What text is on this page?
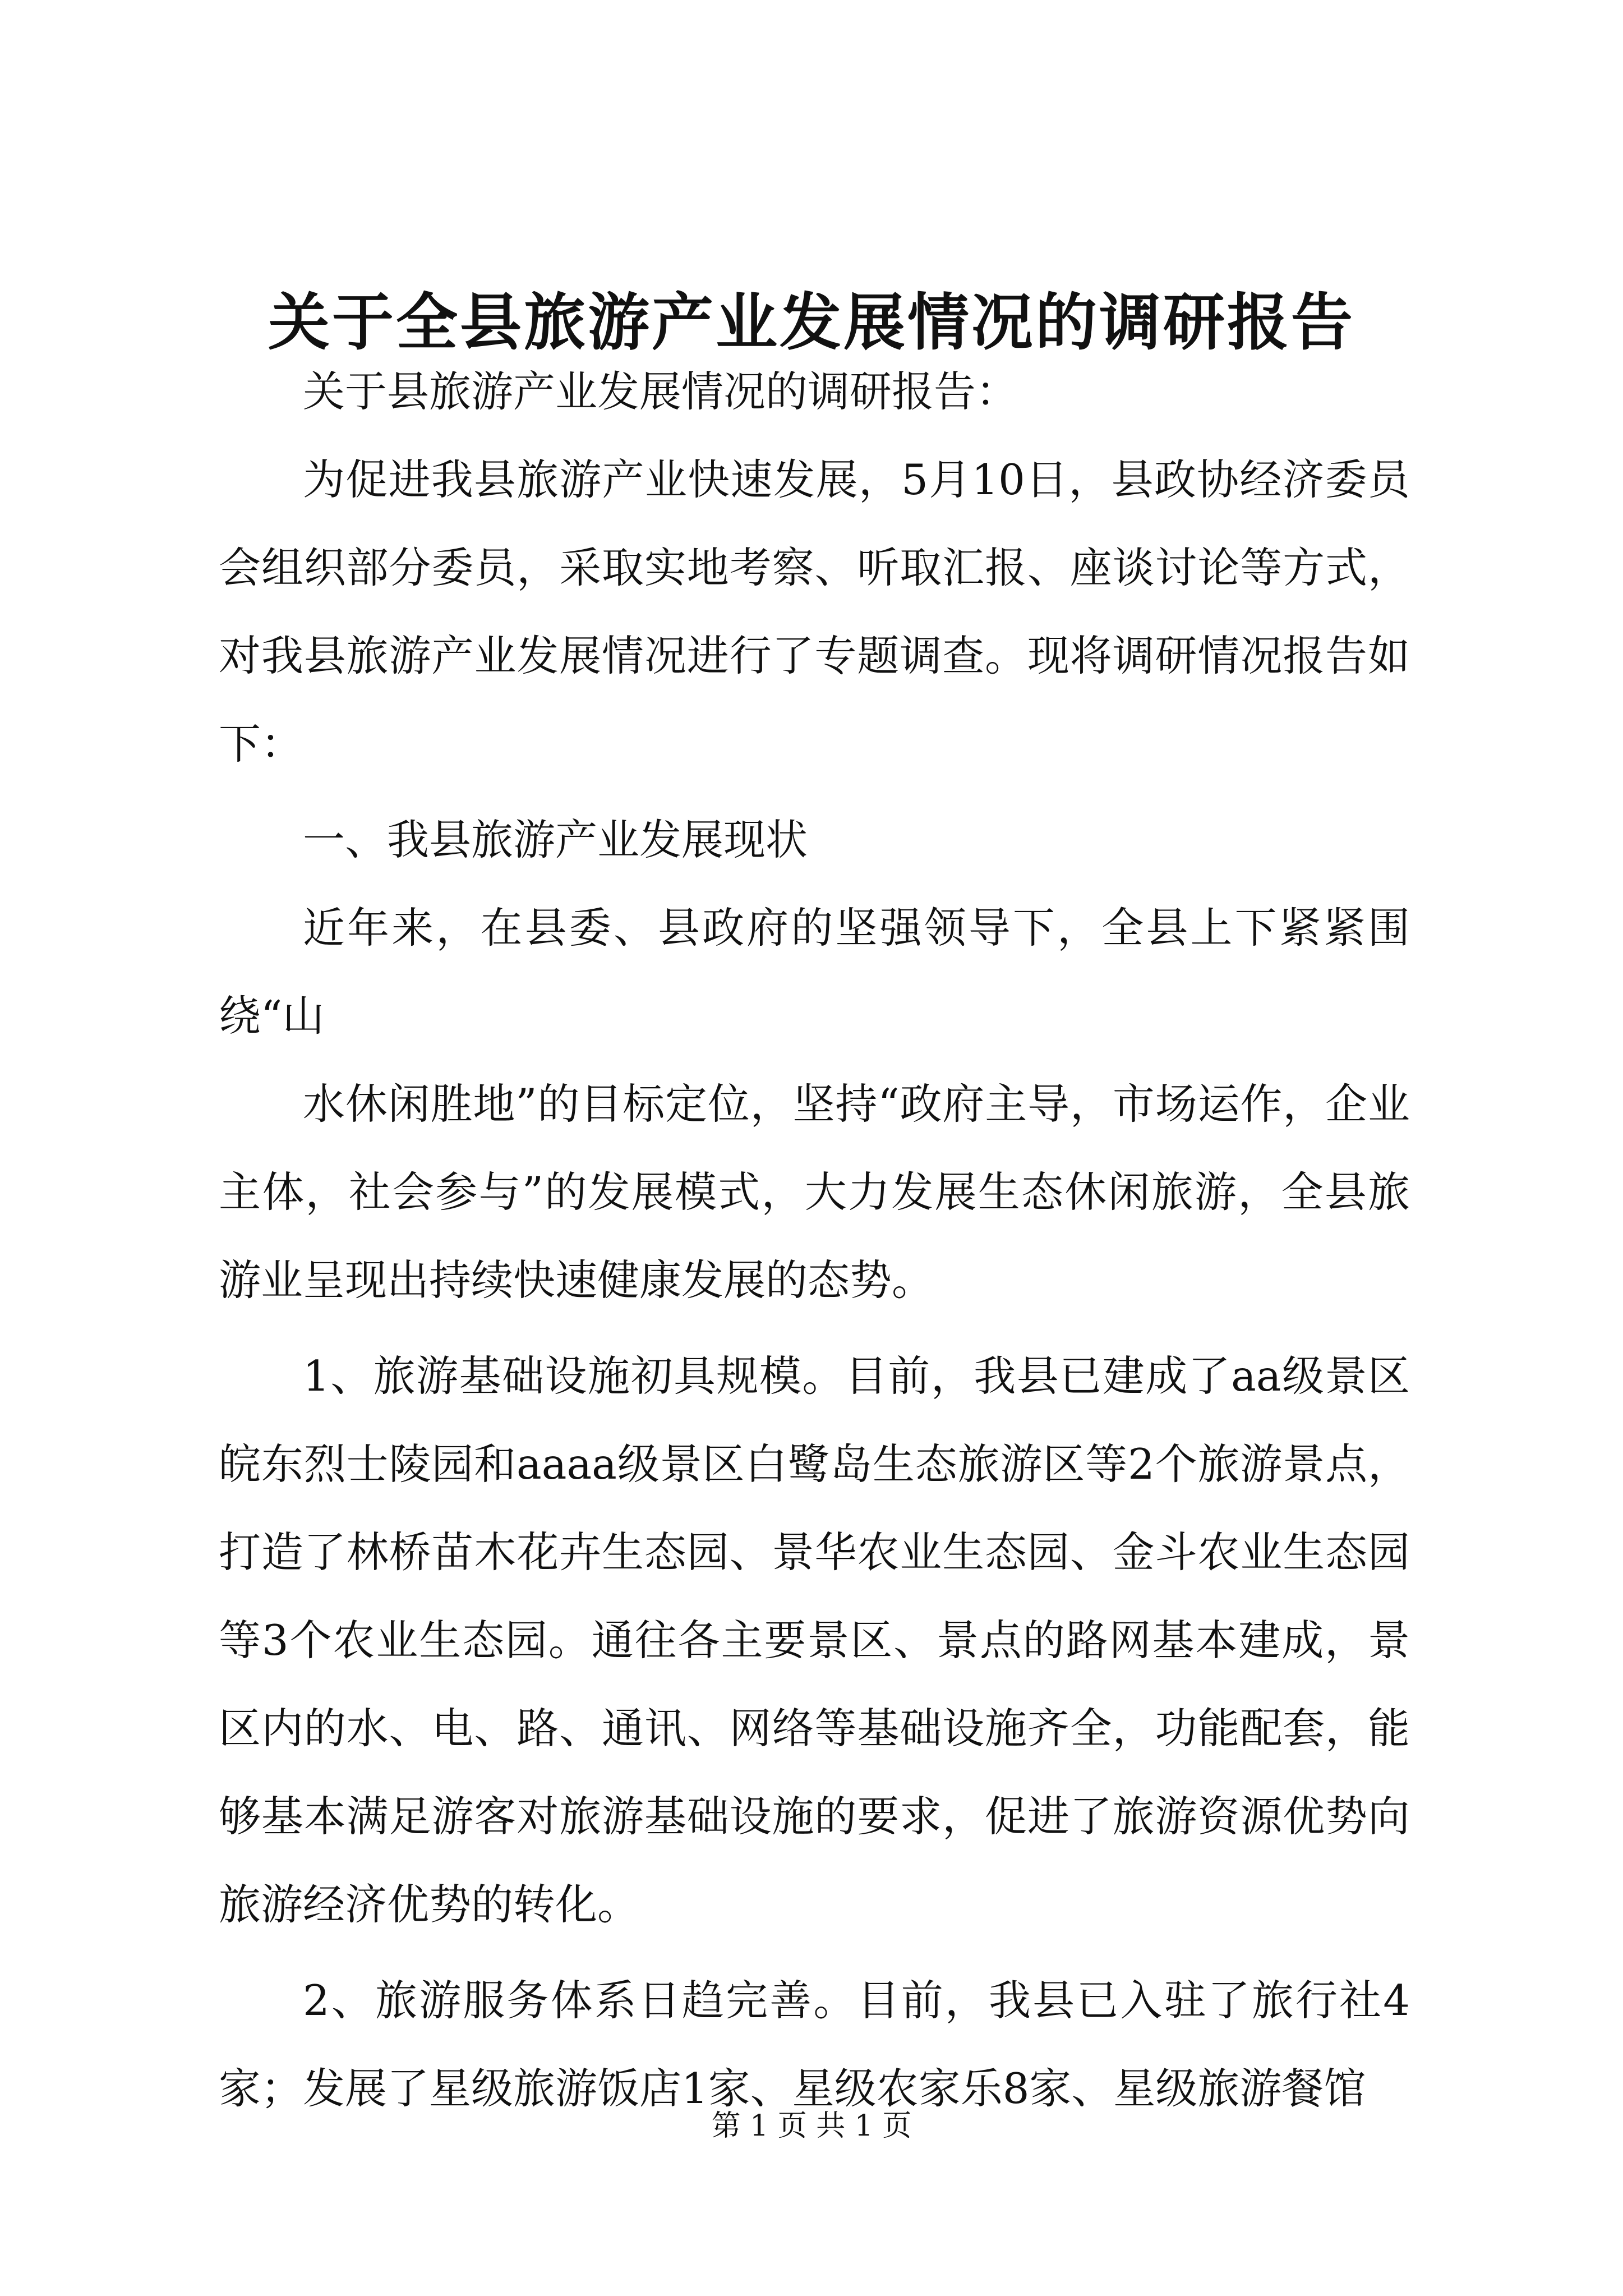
关于全县旅游产业发展情况的调研报告

关于县旅游产业发展情况的调研报告：

为促进我县旅游产业快速发展，5月10日，县政协经济委员会组织部分委员，采取实地考察、听取汇报、座谈讨论等方式，对我县旅游产业发展情况进行了专题调查。现将调研情况报告如下：

一、我县旅游产业发展现状

近年来，在县委、县政府的坚强领导下，全县上下紧紧围绕“山

水休闲胜地”的目标定位，坚持“政府主导，市场运作，企业主体，社会参与”的发展模式，大力发展生态休闲旅游，全县旅游业呈现出持续快速健康发展的态势。

1、旅游基础设施初具规模。目前，我县已建成了aa级景区皖东烈士陵园和aaaa级景区白鹭岛生态旅游区等2个旅游景点，打造了林桥苗木花卉生态园、景华农业生态园、金斗农业生态园等3个农业生态园。通往各主要景区、景点的路网基本建成，景区内的水、电、路、通讯、网络等基础设施齐全，功能配套，能够基本满足游客对旅游基础设施的要求，促进了旅游资源优势向旅游经济优势的转化。

2、旅游服务体系日趋完善。目前，我县已入驻了旅行社4家；发展了星级旅游饭店1家、星级农家乐8家、星级旅游餐馆

第 1 页 共 1 页
